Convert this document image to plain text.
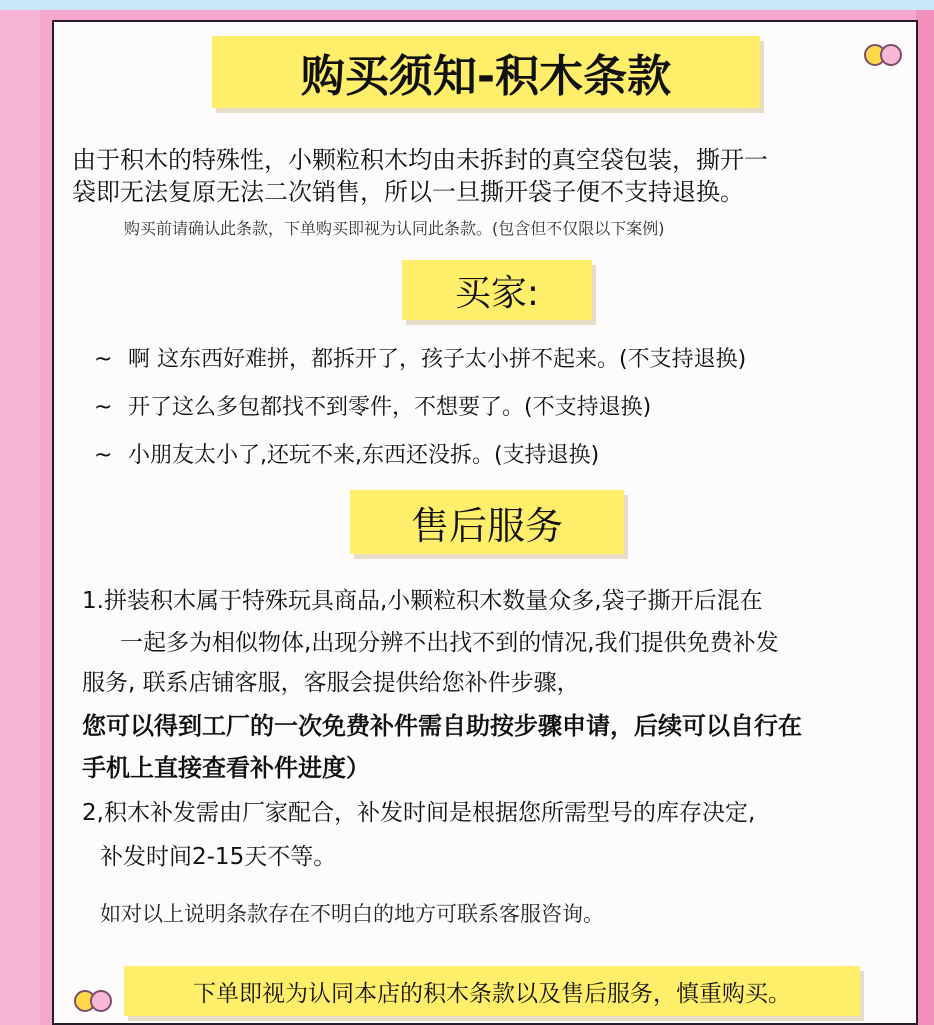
购买须知-积木条款
由于积木的特殊性，小颗粒积木均由未拆封的真空袋包装，撕开一
袋即无法复原无法二次销售，所以一旦撕开袋子便不支持退换。
购买前请确认此条款，下单购买即视为认同此条款。(包含但不仅限以下案例)
买家:
~ 啊 这东西好难拼，都拆开了，孩子太小拼不起来。(不支持退换)
~ 开了这么多包都找不到零件，不想要了。(不支持退换)
~ 小朋友太小了,还玩不来,东西还没拆。(支持退换)
售后服务
1.拼装积木属于特殊玩具商品,小颗粒积木数量众多,袋子撕开后混在
一起多为相似物体,出现分辨不出找不到的情况,我们提供免费补发
服务, 联系店铺客服，客服会提供给您补件步骤，
您可以得到工厂的一次免费补件需自助按步骤申请，后续可以自行在
手机上直接查看补件进度）
2,积木补发需由厂家配合，补发时间是根据您所需型号的库存决定,
补发时间2-15天不等。
如对以上说明条款存在不明白的地方可联系客服咨询。
下单即视为认同本店的积木条款以及售后服务，慎重购买。
